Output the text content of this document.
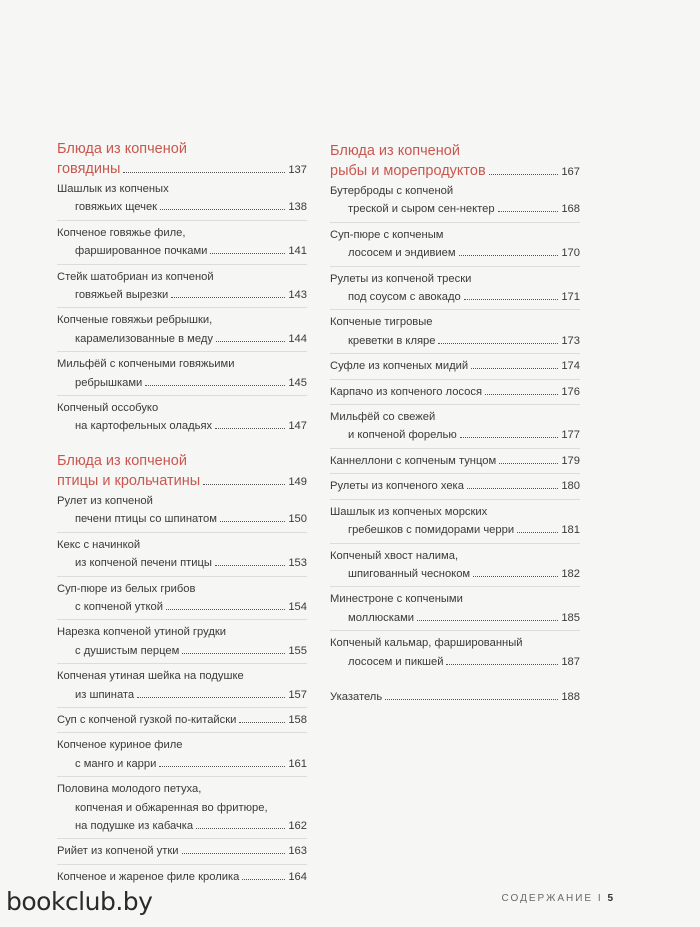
Блюда из копченой
говядины	137
Шашлык из копченых
говяжьих щечек	138
Копченое говяжье филе,
фаршированное почками	141
Стейк шатобриан из копченой
говяжьей вырезки	143
Копченые говяжьи ребрышки,
карамелизованные в меду	144
Мильфёй с копчеными говяжьими
ребрышками	145
Копченый оссобуко
на картофельных оладьях	147
Блюда из копченой
птицы и крольчатины	149
Рулет из копченой
печени птицы со шпинатом	150
Кекс с начинкой
из копченой печени птицы	153
Суп-пюре из белых грибов
с копченой уткой	154
Нарезка копченой утиной грудки
с душистым перцем	155
Копченая утиная шейка на подушке
из шпината	157
Суп с копченой гузкой по-китайски	158
Копченое куриное филе
с манго и карри	161
Половина молодого петуха,
копченая и обжаренная во фритюре,
на подушке из кабачка	162
Рийет из копченой утки	163
Копченое и жареное филе кролика	164
Блюда из копченой
рыбы и морепродуктов	167
Бутерброды с копченой
треской и сыром сен-нектер	168
Суп-пюре с копченым
лососем и эндивием	170
Рулеты из копченой трески
под соусом с авокадо	171
Копченые тигровые
креветки в кляре	173
Суфле из копченых мидий	174
Карпачо из копченого лосося	176
Мильфёй со свежей
и копченой форелью	177
Каннеллони с копченым тунцом	179
Рулеты из копченого хека	180
Шашлык из копченых морских
гребешков с помидорами черри	181
Копченый хвост налима,
шпигованный чесноком	182
Минестроне с копчеными
моллюсками	185
Копченый кальмар, фаршированный
лососем и пикшей	187
Указатель	188
bookclub.by	СОДЕРЖАНИЕ I 5
